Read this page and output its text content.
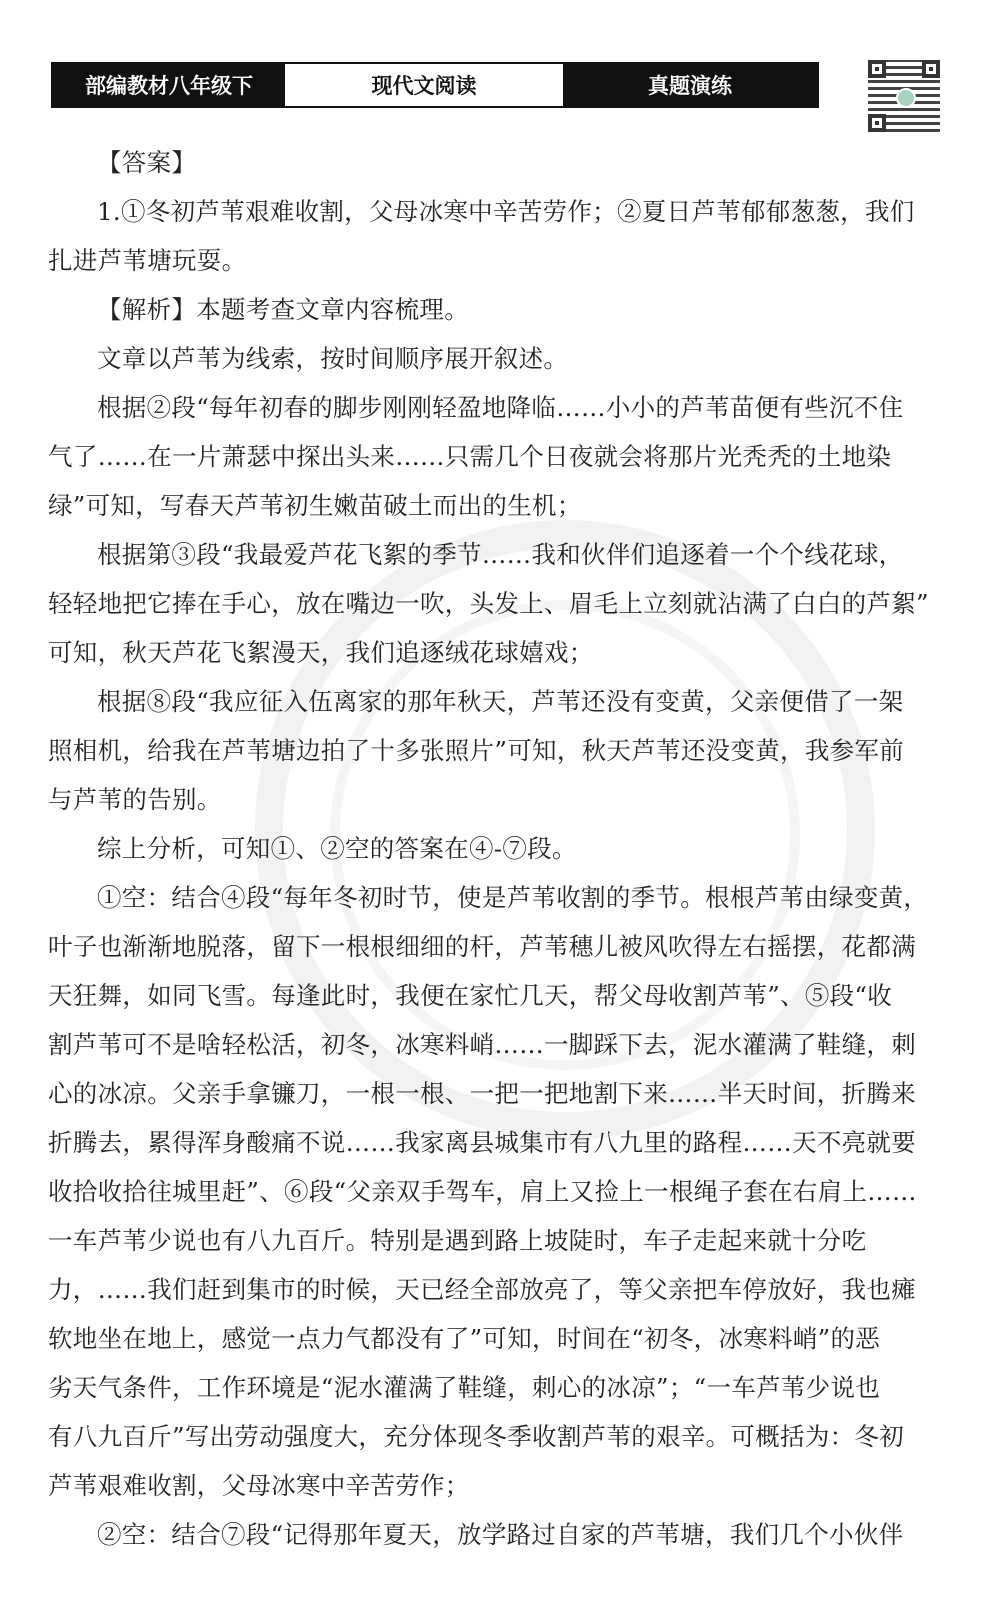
部编教材八年级下	现代文阅读	真题演练
【答案】
1.①冬初芦苇艰难收割，父母冰寒中辛苦劳作；②夏日芦苇郁郁葱葱，我们
扎进芦苇塘玩耍。
【解析】本题考查文章内容梳理。
文章以芦苇为线索，按时间顺序展开叙述。
根据②段“每年初春的脚步刚刚轻盈地降临……小小的芦苇苗便有些沉不住
气了……在一片萧瑟中探出头来……只需几个日夜就会将那片光秃秃的土地染
绿”可知，写春天芦苇初生嫩苗破土而出的生机；
根据第③段“我最爱芦花飞絮的季节……我和伙伴们追逐着一个个线花球，
轻轻地把它捧在手心，放在嘴边一吹，头发上、眉毛上立刻就沾满了白白的芦絮”
可知，秋天芦花飞絮漫天，我们追逐绒花球嬉戏；
根据⑧段“我应征入伍离家的那年秋天，芦苇还没有变黄，父亲便借了一架
照相机，给我在芦苇塘边拍了十多张照片”可知，秋天芦苇还没变黄，我参军前
与芦苇的告别。
综上分析，可知①、②空的答案在④-⑦段。
①空：结合④段“每年冬初时节，使是芦苇收割的季节。根根芦苇由绿变黄，
叶子也渐渐地脱落，留下一根根细细的杆，芦苇穗儿被风吹得左右摇摆，花都满
天狂舞，如同飞雪。每逢此时，我便在家忙几天，帮父母收割芦苇”、⑤段“收
割芦苇可不是啥轻松活，初冬，冰寒料峭……一脚踩下去，泥水灌满了鞋缝，刺
心的冰凉。父亲手拿镰刀，一根一根、一把一把地割下来……半天时间，折腾来
折腾去，累得浑身酸痛不说……我家离县城集市有八九里的路程……天不亮就要
收拾收拾往城里赶”、⑥段“父亲双手驾车，肩上又捡上一根绳子套在右肩上……
一车芦苇少说也有八九百斤。特别是遇到路上坡陡时，车子走起来就十分吃
力，……我们赶到集市的时候，天已经全部放亮了，等父亲把车停放好，我也瘫
软地坐在地上，感觉一点力气都没有了”可知，时间在“初冬，冰寒料峭”的恶
劣天气条件，工作环境是“泥水灌满了鞋缝，刺心的冰凉”；“一车芦苇少说也
有八九百斤”写出劳动强度大，充分体现冬季收割芦苇的艰辛。可概括为：冬初
芦苇艰难收割，父母冰寒中辛苦劳作；
②空：结合⑦段“记得那年夏天，放学路过自家的芦苇塘，我们几个小伙伴
